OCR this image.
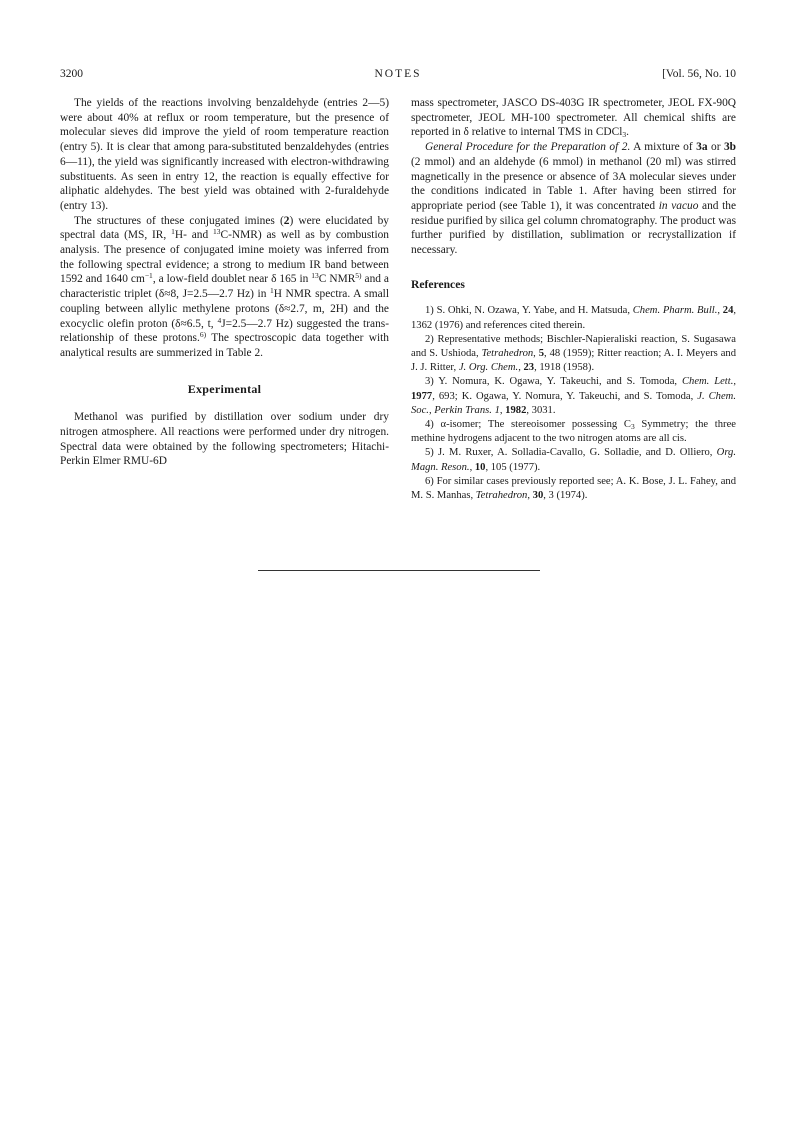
3200	NOTES	[Vol. 56, No. 10

The yields of the reactions involving benzaldehyde (entries 2—5) were about 40% at reflux or room temperature, but the presence of molecular sieves did improve the yield of room temperature reaction (entry 5). It is clear that among para-substituted benzaldehydes (entries 6—11), the yield was significantly increased with electron-withdrawing substituents. As seen in entry 12, the reaction is equally effective for aliphatic aldehydes. The best yield was obtained with 2-furaldehyde (entry 13).

The structures of these conjugated imines (2) were elucidated by spectral data (MS, IR, $^1$H- and $^{13}$C-NMR) as well as by combustion analysis. The presence of conjugated imine moiety was inferred from the following spectral evidence; a strong to medium IR band between 1592 and 1640 $cm^{-1}$, a low-field doublet near δ 165 in $^{13}$C NMR$^{5)}$ and a characteristic triplet (δ≈8, J=2.5—2.7 Hz) in $^1$H NMR spectra. A small coupling between allylic methylene protons (δ≈2.7, m, 2H) and the exocyclic olefin proton (δ≈6.5, t, $^4$J=2.5—2.7 Hz) suggested the trans-relationship of these protons.$^{6)}$ The spectroscopic data together with analytical results are summerized in Table 2.

Experimental

Methanol was purified by distillation over sodium under dry nitrogen atmosphere. All reactions were performed under dry nitrogen. Spectral data were obtained by the following spectrometers; Hitachi-Perkin Elmer RMU-6D

mass spectrometer, JASCO DS-403G IR spectrometer, JEOL FX-90Q spectrometer, JEOL MH-100 spectrometer. All chemical shifts are reported in δ relative to internal TMS in CDCl$_3$.

General Procedure for the Preparation of 2. A mixture of 3a or 3b (2 mmol) and an aldehyde (6 mmol) in methanol (20 ml) was stirred magnetically in the presence or absence of 3A molecular sieves under the conditions indicated in Table 1. After having been stirred for appropriate period (see Table 1), it was concentrated in vacuo and the residue purified by silica gel column chromatography. The product was further purified by distillation, sublimation or recrystallization if necessary.

References

1) S. Ohki, N. Ozawa, Y. Yabe, and H. Matsuda, Chem. Pharm. Bull., 24, 1362 (1976) and references cited therein.

2) Representative methods; Bischler-Napieraliski reaction, S. Sugasawa and S. Ushioda, Tetrahedron, 5, 48 (1959); Ritter reaction; A. I. Meyers and J. J. Ritter, J. Org. Chem., 23, 1918 (1958).

3) Y. Nomura, K. Ogawa, Y. Takeuchi, and S. Tomoda, Chem. Lett., 1977, 693; K. Ogawa, Y. Nomura, Y. Takeuchi, and S. Tomoda, J. Chem. Soc., Perkin Trans. 1, 1982, 3031.

4) α-isomer; The stereoisomer possessing $C_3$ Symmetry; the three methine hydrogens adjacent to the two nitrogen atoms are all cis.

5) J. M. Ruxer, A. Solladia-Cavallo, G. Solladie, and D. Olliero, Org. Magn. Reson., 10, 105 (1977).

6) For similar cases previously reported see; A. K. Bose, J. L. Fahey, and M. S. Manhas, Tetrahedron, 30, 3 (1974).
